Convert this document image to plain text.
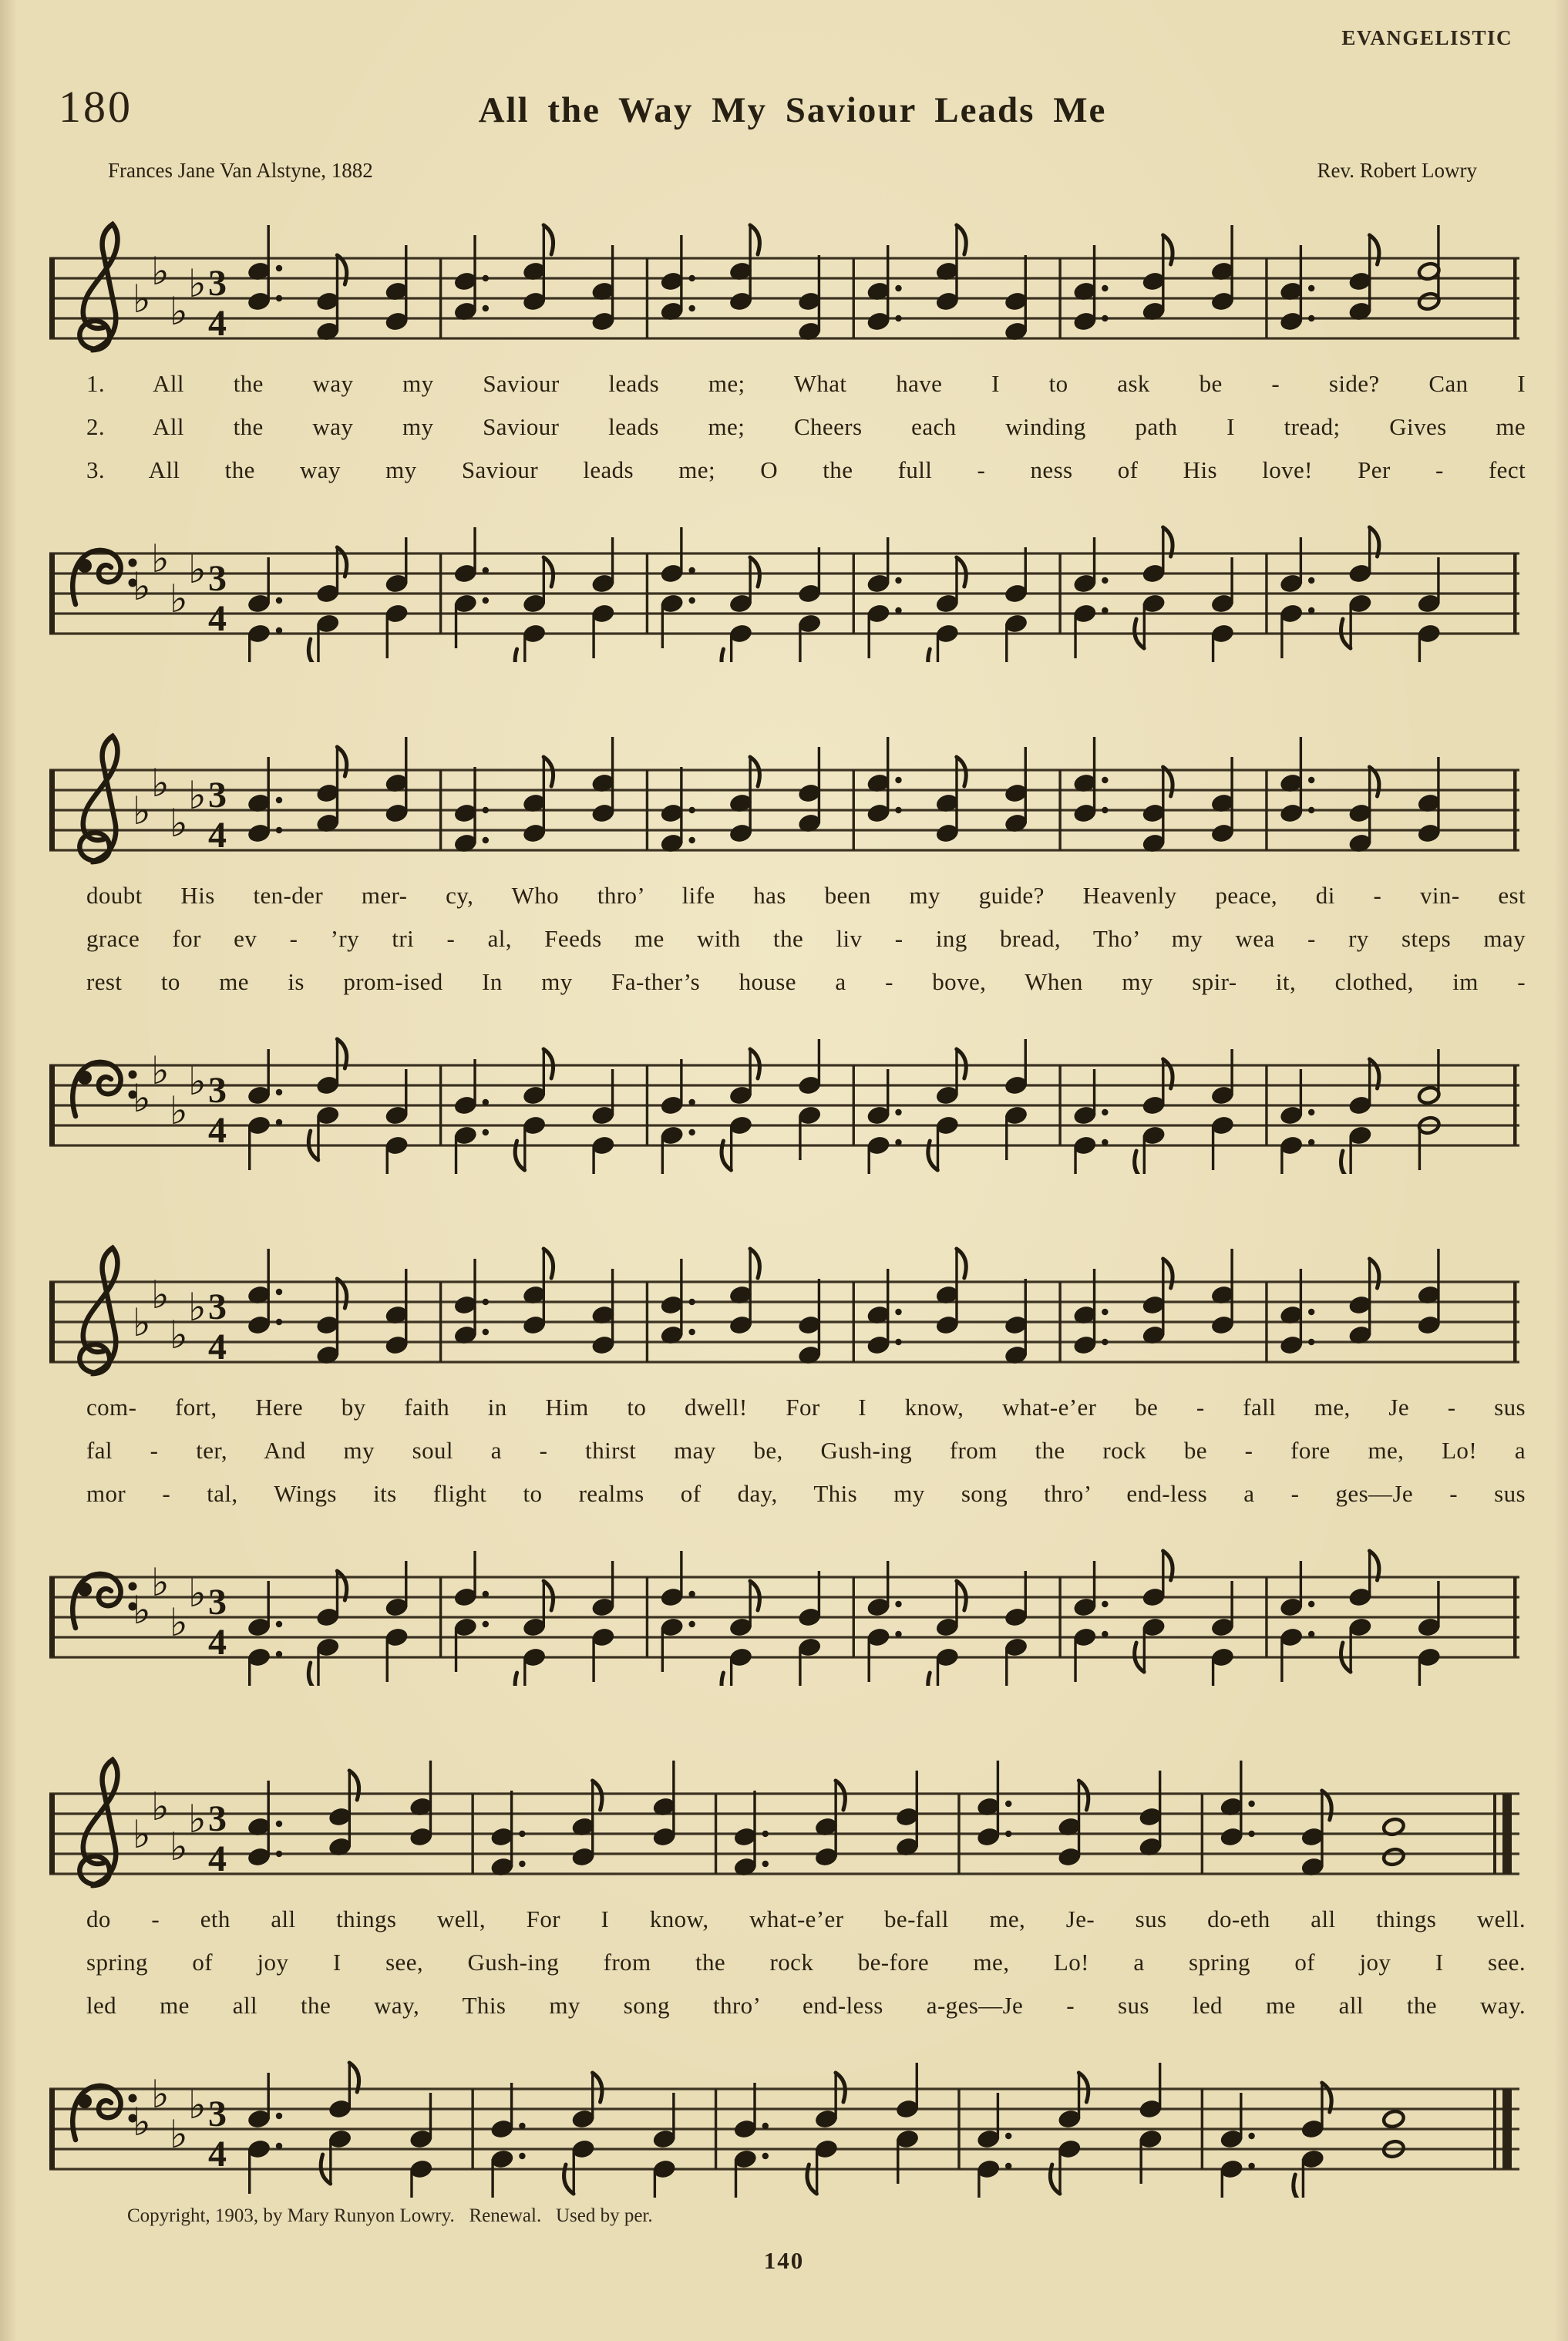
EVANGELISTIC
180	All the Way My Saviour Leads Me
Frances Jane Van Alstyne, 1882	Rev. Robert Lowry
♭
♭
♭
♭ 3
4
1. All the way my Saviour leads me; What have I to ask be - side? Can I
2. All the way my Saviour leads me; Cheers each winding path I tread; Gives me
3. All the way my Saviour leads me; O the full - ness of His love! Per - fect
♭
♭
♭
♭ 3
4
♭
♭
♭
♭ 3
4
doubt His ten-der mer- cy, Who thro’ life has been my guide? Heavenly peace, di - vin- est
grace for ev - ’ry tri - al, Feeds me with the liv - ing bread, Tho’ my wea - ry steps may
rest to me is prom-ised In my Fa-ther’s house a - bove, When my spir- it, clothed, im -
♭
♭
♭
♭ 3
4
♭
♭
♭
♭ 3
4
com- fort, Here by faith in Him to dwell! For I know, what-e’er be - fall me, Je - sus
fal - ter, And my soul a - thirst may be, Gush-ing from the rock be - fore me, Lo! a
mor - tal, Wings its flight to realms of day, This my song thro’ end-less a - ges—Je - sus
♭
♭
♭
♭ 3
4
♭
♭
♭
♭ 3
4
do - eth all things well, For I know, what-e’er be-fall me, Je- sus do-eth all things well.
spring of joy I see, Gush-ing from the rock be-fore me, Lo! a spring of joy I see.
led me all the way, This my song thro’ end-less a-ges—Je - sus led me all the way.
♭
♭
♭
♭ 3
4
Copyright, 1903, by Mary Runyon Lowry.   Renewal.   Used by per.
140
